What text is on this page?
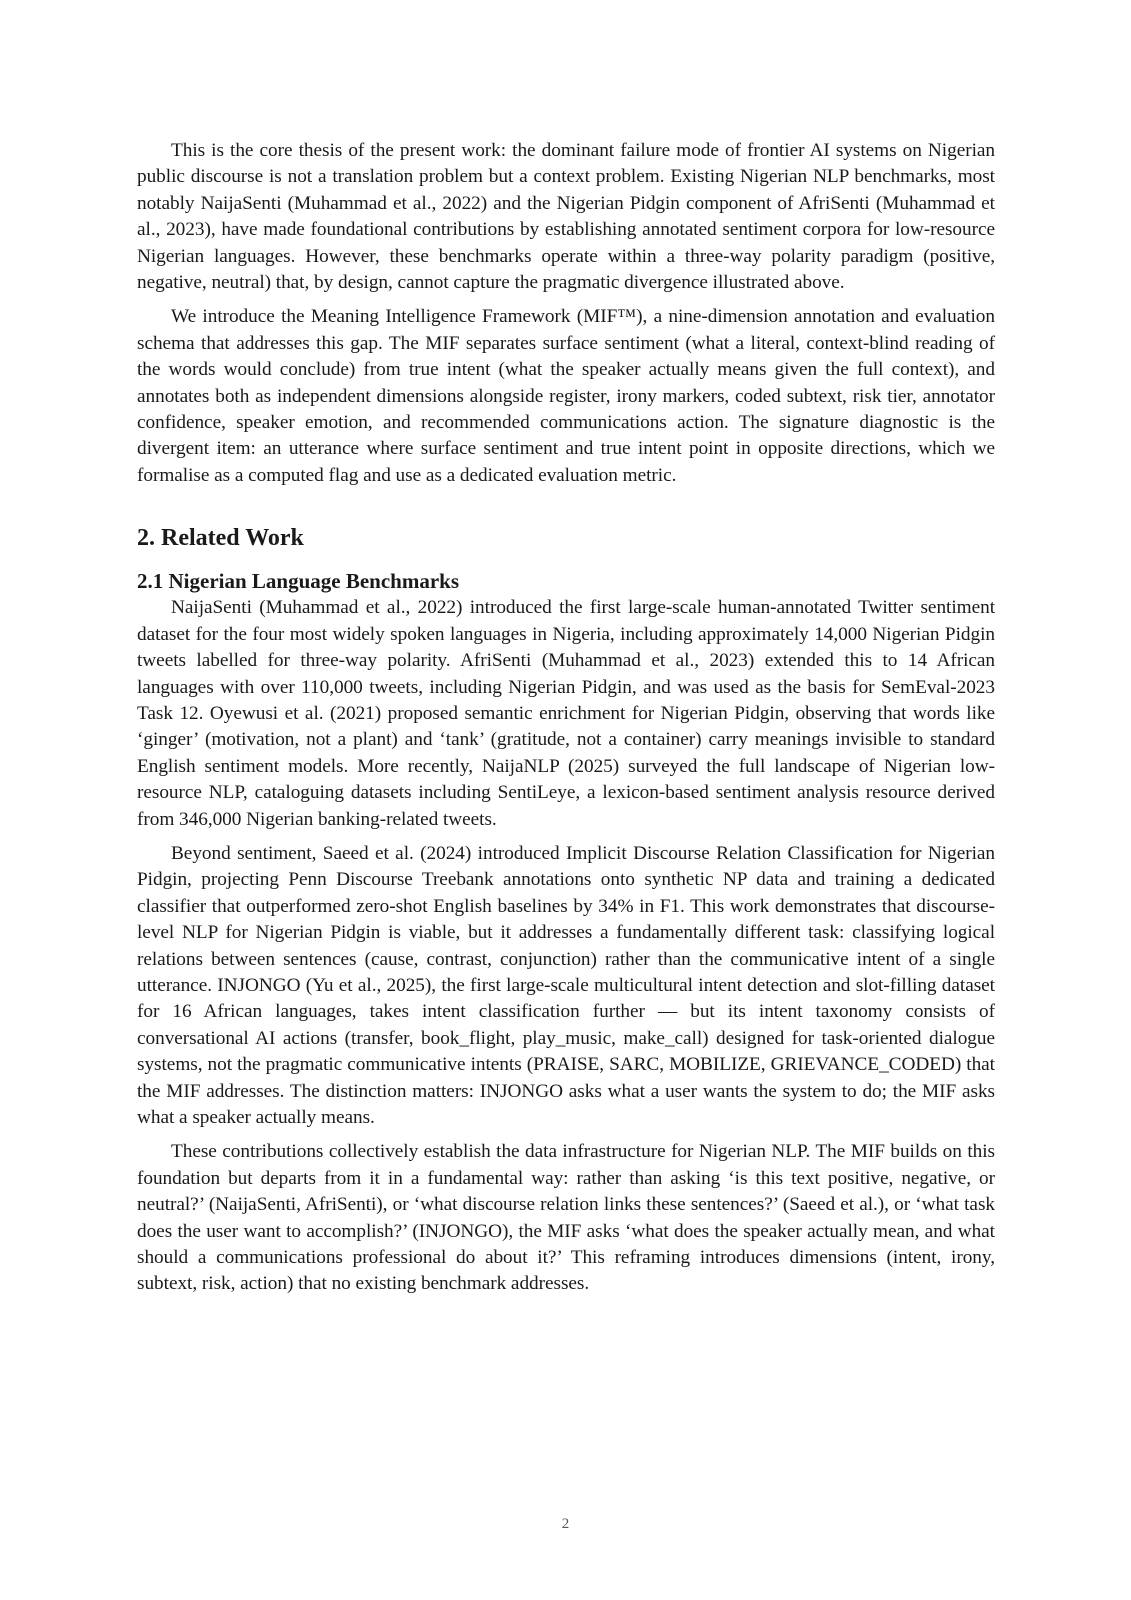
This is the core thesis of the present work: the dominant failure mode of frontier AI systems on Nigerian public discourse is not a translation problem but a context problem. Existing Nigerian NLP benchmarks, most notably NaijaSenti (Muhammad et al., 2022) and the Nigerian Pidgin component of AfriSenti (Muhammad et al., 2023), have made foundational contributions by establishing annotated sentiment corpora for low-resource Nigerian languages. However, these benchmarks operate within a three-way polarity paradigm (positive, negative, neutral) that, by design, cannot capture the pragmatic divergence illustrated above.

We introduce the Meaning Intelligence Framework (MIF™), a nine-dimension annotation and evaluation schema that addresses this gap. The MIF separates surface sentiment (what a literal, context-blind reading of the words would conclude) from true intent (what the speaker actually means given the full context), and annotates both as independent dimensions alongside register, irony markers, coded subtext, risk tier, annotator confidence, speaker emotion, and recommended communications action. The signature diagnostic is the divergent item: an utterance where surface sentiment and true intent point in opposite directions, which we formalise as a computed flag and use as a dedicated evaluation metric.

2. Related Work
2.1 Nigerian Language Benchmarks

NaijaSenti (Muhammad et al., 2022) introduced the first large-scale human-annotated Twitter sentiment dataset for the four most widely spoken languages in Nigeria, including approximately 14,000 Nigerian Pidgin tweets labelled for three-way polarity. AfriSenti (Muhammad et al., 2023) extended this to 14 African languages with over 110,000 tweets, including Nigerian Pidgin, and was used as the basis for SemEval-2023 Task 12. Oyewusi et al. (2021) proposed semantic enrichment for Nigerian Pidgin, observing that words like ‘ginger’ (motivation, not a plant) and ‘tank’ (gratitude, not a container) carry meanings invisible to standard English sentiment models. More recently, NaijaNLP (2025) surveyed the full landscape of Nigerian low-resource NLP, cataloguing datasets including SentiLeye, a lexicon-based sentiment analysis resource derived from 346,000 Nigerian banking-related tweets.

Beyond sentiment, Saeed et al. (2024) introduced Implicit Discourse Relation Classification for Nigerian Pidgin, projecting Penn Discourse Treebank annotations onto synthetic NP data and training a dedicated classifier that outperformed zero-shot English baselines by 34% in F1. This work demonstrates that discourse-level NLP for Nigerian Pidgin is viable, but it addresses a fundamentally different task: classifying logical relations between sentences (cause, contrast, conjunction) rather than the communicative intent of a single utterance. INJONGO (Yu et al., 2025), the first large-scale multicultural intent detection and slot-filling dataset for 16 African languages, takes intent classification further — but its intent taxonomy consists of conversational AI actions (transfer, book_flight, play_music, make_call) designed for task-oriented dialogue systems, not the pragmatic communicative intents (PRAISE, SARC, MOBILIZE, GRIEVANCE_CODED) that the MIF addresses. The distinction matters: INJONGO asks what a user wants the system to do; the MIF asks what a speaker actually means.

These contributions collectively establish the data infrastructure for Nigerian NLP. The MIF builds on this foundation but departs from it in a fundamental way: rather than asking ‘is this text positive, negative, or neutral?’ (NaijaSenti, AfriSenti), or ‘what discourse relation links these sentences?’ (Saeed et al.), or ‘what task does the user want to accomplish?’ (INJONGO), the MIF asks ‘what does the speaker actually mean, and what should a communications professional do about it?’ This reframing introduces dimensions (intent, irony, subtext, risk, action) that no existing benchmark addresses.

2
